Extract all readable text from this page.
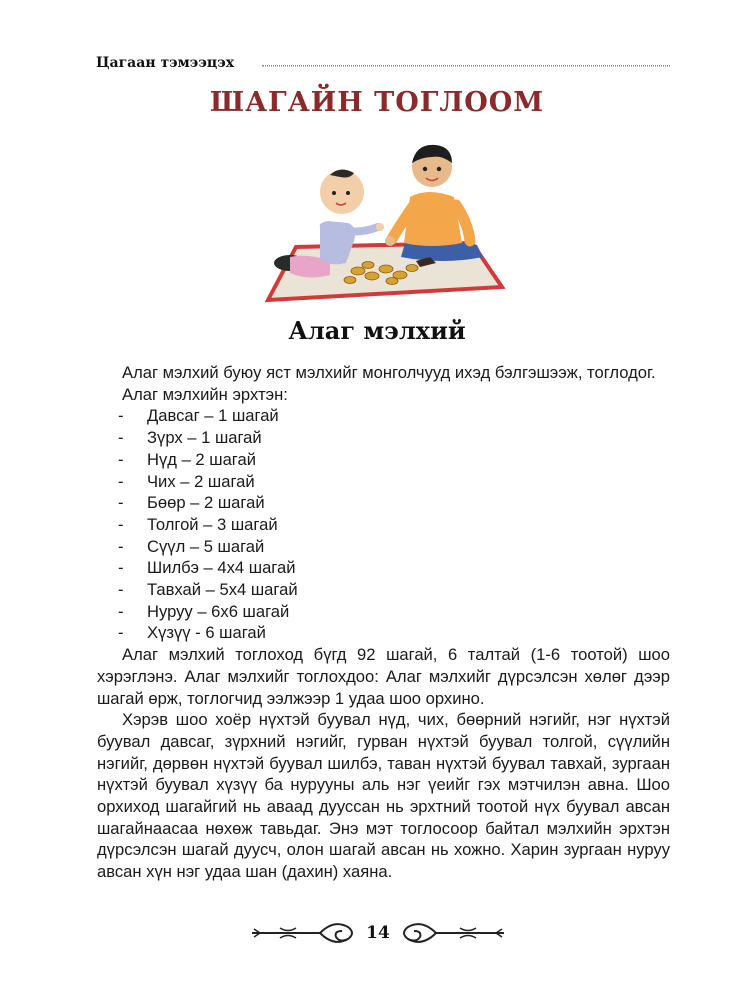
Цагаан тэмээцэх
ШАГАЙН ТОГЛООМ
Алаг мэлхий

Алаг мэлхий буюу яст мэлхийг монголчууд ихэд бэлгэшээж, тоглодог.

Алаг мэлхийн эрхтэн:

-	Давсаг – 1 шагай
-	Зүрх – 1 шагай
-	Нүд – 2 шагай
-	Чих – 2 шагай
-	Бөөр – 2 шагай
-	Толгой – 3 шагай
-	Сүүл – 5 шагай
-	Шилбэ – 4х4 шагай
-	Тавхай – 5х4 шагай
-	Нуруу – 6х6 шагай
-	Хүзүү - 6 шагай

Алаг мэлхий тоглоход бүгд 92 шагай, 6 талтай (1-6 тоотой) шоо хэрэглэнэ. Алаг мэлхийг тоглохдоо: Алаг мэлхийг дүрсэлсэн хөлөг дээр шагай өрж, тоглогчид ээлжээр 1 удаа шоо орхино.

Хэрэв шоо хоёр нүхтэй буувал нүд, чих, бөөрний нэгийг, нэг нүхтэй буувал давсаг, зүрхний нэгийг, гурван нүхтэй буувал толгой, сүүлийн нэгийг, дөрвөн нүхтэй буувал шилбэ, таван нүхтэй буувал тавхай, зургаан нүхтэй буувал хүзүү ба нурууны аль нэг үеийг гэх мэтчилэн авна. Шоо орхиход шагайгий нь аваад дууссан нь эрхтний тоотой нүх буувал авсан шагайнаасаа нөхөж тавьдаг. Энэ мэт тоглосоор байтал мэлхийн эрхтэн дүрсэлсэн шагай дуусч, олон шагай авсан нь хожно. Харин зургаан нуруу авсан хүн нэг удаа шан (дахин) хаяна.

14
